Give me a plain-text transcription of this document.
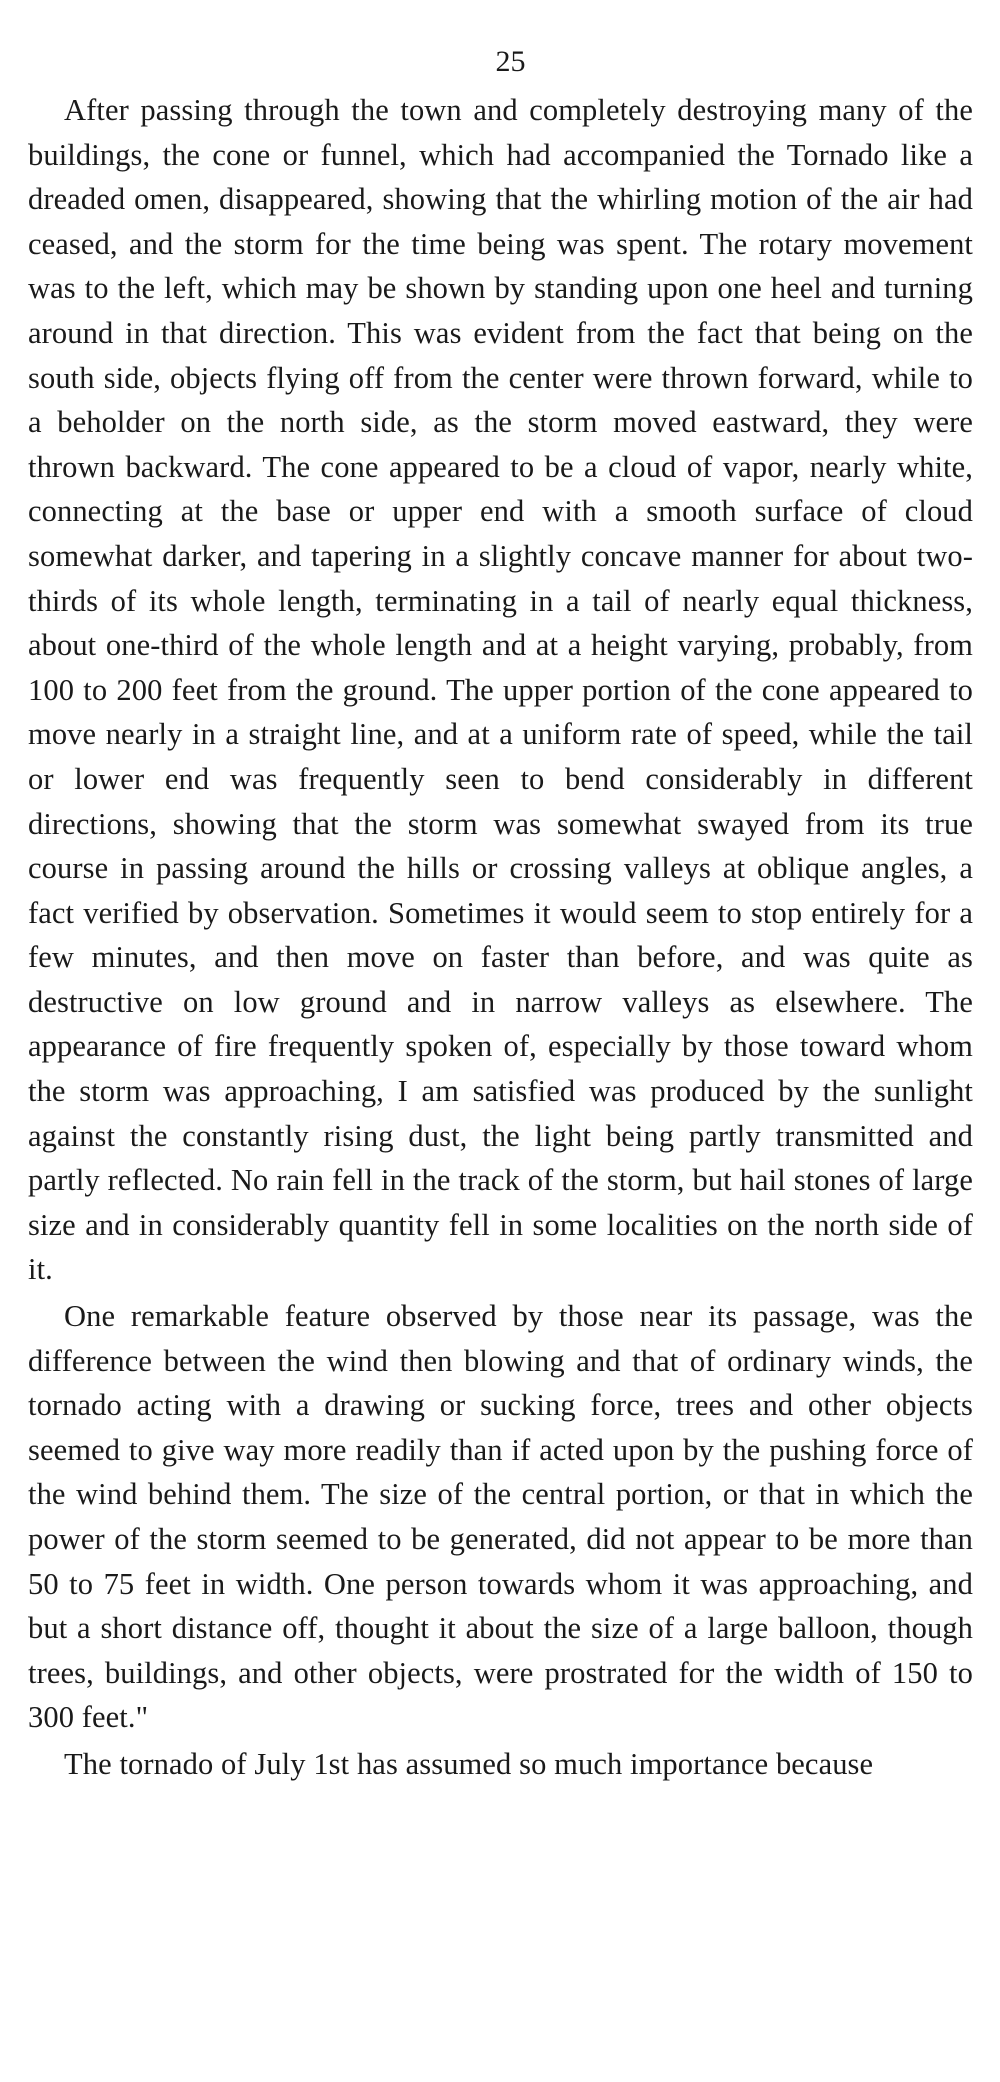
25

After passing through the town and completely destroying many of the buildings, the cone or funnel, which had accompanied the Tornado like a dreaded omen, disappeared, showing that the whirling motion of the air had ceased, and the storm for the time being was spent. The rotary movement was to the left, which may be shown by standing upon one heel and turning around in that direction. This was evident from the fact that being on the south side, objects flying off from the center were thrown forward, while to a beholder on the north side, as the storm moved eastward, they were thrown backward. The cone appeared to be a cloud of vapor, nearly white, connecting at the base or upper end with a smooth surface of cloud somewhat darker, and tapering in a slightly concave manner for about two-thirds of its whole length, terminating in a tail of nearly equal thickness, about one-third of the whole length and at a height varying, probably, from 100 to 200 feet from the ground. The upper portion of the cone appeared to move nearly in a straight line, and at a uniform rate of speed, while the tail or lower end was frequently seen to bend considerably in different directions, showing that the storm was somewhat swayed from its true course in passing around the hills or crossing valleys at oblique angles, a fact verified by observation. Sometimes it would seem to stop entirely for a few minutes, and then move on faster than before, and was quite as destructive on low ground and in narrow valleys as elsewhere. The appearance of fire frequently spoken of, especially by those toward whom the storm was approaching, I am satisfied was produced by the sunlight against the constantly rising dust, the light being partly transmitted and partly reflected. No rain fell in the track of the storm, but hail stones of large size and in considerably quantity fell in some localities on the north side of it.

One remarkable feature observed by those near its passage, was the difference between the wind then blowing and that of ordinary winds, the tornado acting with a drawing or sucking force, trees and other objects seemed to give way more readily than if acted upon by the pushing force of the wind behind them. The size of the central portion, or that in which the power of the storm seemed to be generated, did not appear to be more than 50 to 75 feet in width. One person towards whom it was approaching, and but a short distance off, thought it about the size of a large balloon, though trees, buildings, and other objects, were prostrated for the width of 150 to 300 feet."

The tornado of July 1st has assumed so much importance because
